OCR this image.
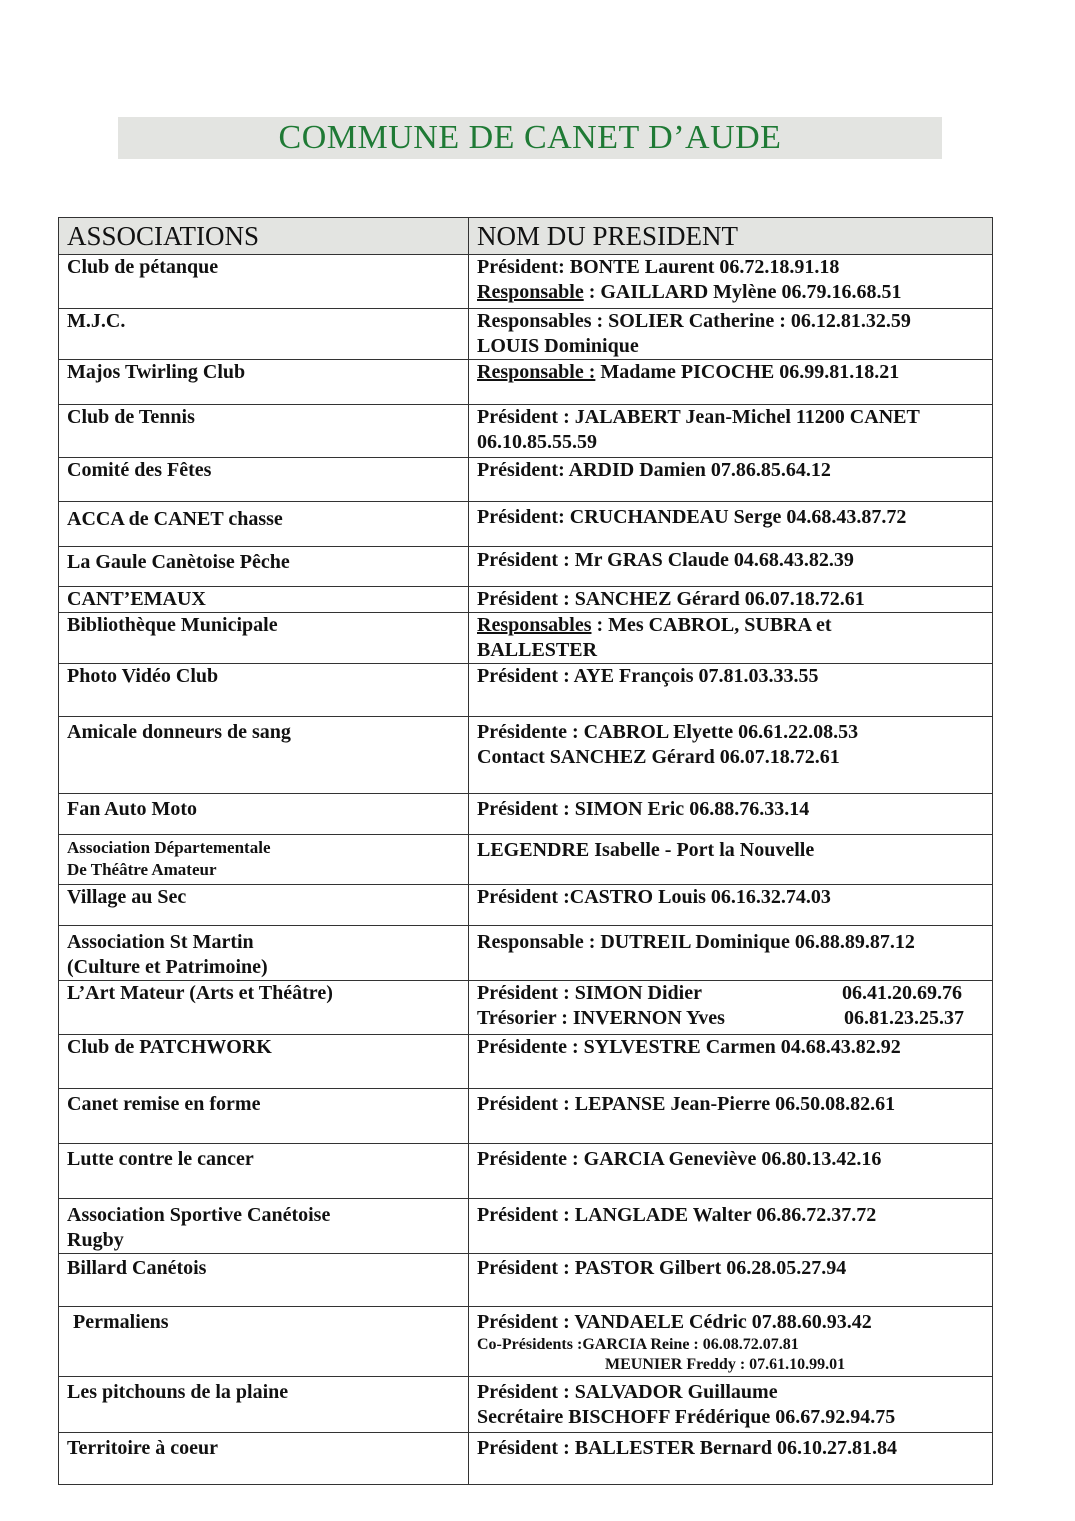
COMMUNE DE CANET D’AUDE
ASSOCIATIONS	NOM DU PRESIDENT

Club de pétanque	Président: BONTE Laurent 06.72.18.91.18
Responsable : GAILLARD Mylène 06.79.16.68.51

M.J.C.	Responsables : SOLIER Catherine : 06.12.81.32.59
LOUIS Dominique

Majos Twirling Club	Responsable : Madame PICOCHE 06.99.81.18.21

Club de Tennis	Président : JALABERT Jean-Michel 11200 CANET
06.10.85.55.59

Comité des Fêtes	Président: ARDID Damien 07.86.85.64.12

ACCA de CANET chasse	Président: CRUCHANDEAU Serge 04.68.43.87.72

La Gaule Canètoise Pêche	Président : Mr GRAS Claude 04.68.43.82.39

CANT’EMAUX	Président : SANCHEZ Gérard 06.07.18.72.61

Bibliothèque Municipale	Responsables : Mes CABROL, SUBRA et
BALLESTER

Photo Vidéo Club	Président : AYE François 07.81.03.33.55

Amicale donneurs de sang	Présidente : CABROL Elyette 06.61.22.08.53
Contact SANCHEZ Gérard 06.07.18.72.61

Fan Auto Moto	Président : SIMON Eric 06.88.76.33.14

Association Départementale
De Théâtre Amateur	LEGENDRE Isabelle - Port la Nouvelle

Village au Sec	Président :CASTRO Louis 06.16.32.74.03

Association St Martin
(Culture et Patrimoine)	Responsable : DUTREIL Dominique 06.88.89.87.12

L’Art Mateur (Arts et Théâtre)	Président : SIMON Didier 06.41.20.69.76
Trésorier : INVERNON Yves 06.81.23.25.37

Club de PATCHWORK	Présidente : SYLVESTRE Carmen 04.68.43.82.92

Canet remise en forme	Président : LEPANSE Jean-Pierre 06.50.08.82.61

Lutte contre le cancer	Présidente : GARCIA Geneviève 06.80.13.42.16

Association Sportive Canétoise
Rugby	Président : LANGLADE Walter 06.86.72.37.72

Billard Canétois	Président : PASTOR Gilbert 06.28.05.27.94

Permaliens	Président : VANDAELE Cédric 07.88.60.93.42
Co-Présidents :GARCIA Reine : 06.08.72.07.81
MEUNIER Freddy : 07.61.10.99.01

Les pitchouns de la plaine	Président : SALVADOR Guillaume
Secrétaire BISCHOFF Frédérique 06.67.92.94.75

Territoire à coeur	Président : BALLESTER Bernard 06.10.27.81.84
